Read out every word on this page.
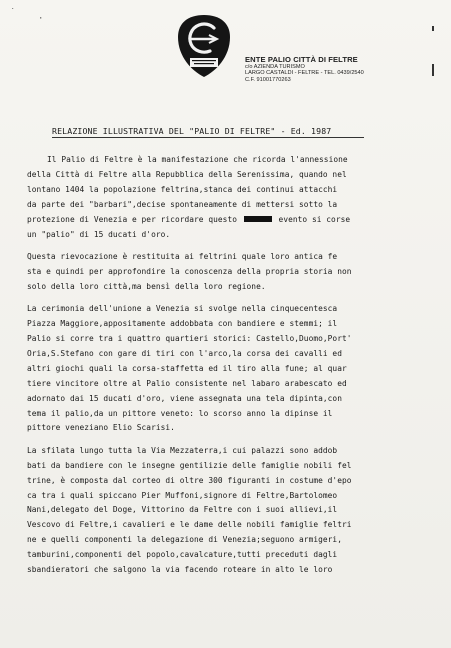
˙
·
ENTE PALIO CITTÀ DI FELTRE
c/o AZIENDA TURISMO
LARGO CASTALDI - FELTRE - TEL. 0439/2540
C.F. 91001770263
RELAZIONE ILLUSTRATIVA DEL "PALIO DI FELTRE" - Ed. 1987
Il Palio di Feltre è la manifestazione che ricorda l'annessione
della Città di Feltre alla Repubblica della Serenissima, quando nel
lontano 1404 la popolazione feltrina,stanca dei continui attacchi
da parte dei "barbari",decise spontaneamente di mettersi sotto la
protezione di Venezia e per ricordare questo	evento si corse
un "palio" di 15 ducati d'oro.
Questa rievocazione è restituita ai feltrini quale loro antica fe
sta e quindi per approfondire la conoscenza della propria storia non
solo della loro città,ma bensì della loro regione.
La cerimonia dell'unione a Venezia si svolge nella cinquecentesca
Piazza Maggiore,appositamente addobbata con bandiere e stemmi; il
Palio si corre tra i quattro quartieri storici: Castello,Duomo,Port'
Oria,S.Stefano con gare di tiri con l'arco,la corsa dei cavalli ed
altri giochi quali la corsa-staffetta ed il tiro alla fune; al quar
tiere vincitore oltre al Palio consistente nel labaro arabescato ed
adornato dai 15 ducati d'oro, viene assegnata una tela dipinta,con
tema il palio,da un pittore veneto: lo scorso anno la dipinse il
pittore veneziano Elio Scarisi.
La sfilata lungo tutta la Via Mezzaterra,i cui palazzi sono addob
bati da bandiere con le insegne gentilizie delle famiglie nobili fel
trine, è composta dal corteo di oltre 300 figuranti in costume d'epo
ca tra i quali spiccano Pier Muffoni,signore di Feltre,Bartolomeo
Nani,delegato del Doge, Vittorino da Feltre con i suoi allievi,il
Vescovo di Feltre,i cavalieri e le dame delle nobili famiglie feltri
ne e quelli componenti la delegazione di Venezia;seguono armigeri,
tamburini,componenti del popolo,cavalcature,tutti preceduti dagli
sbandieratori che salgono la via facendo roteare in alto le loro
